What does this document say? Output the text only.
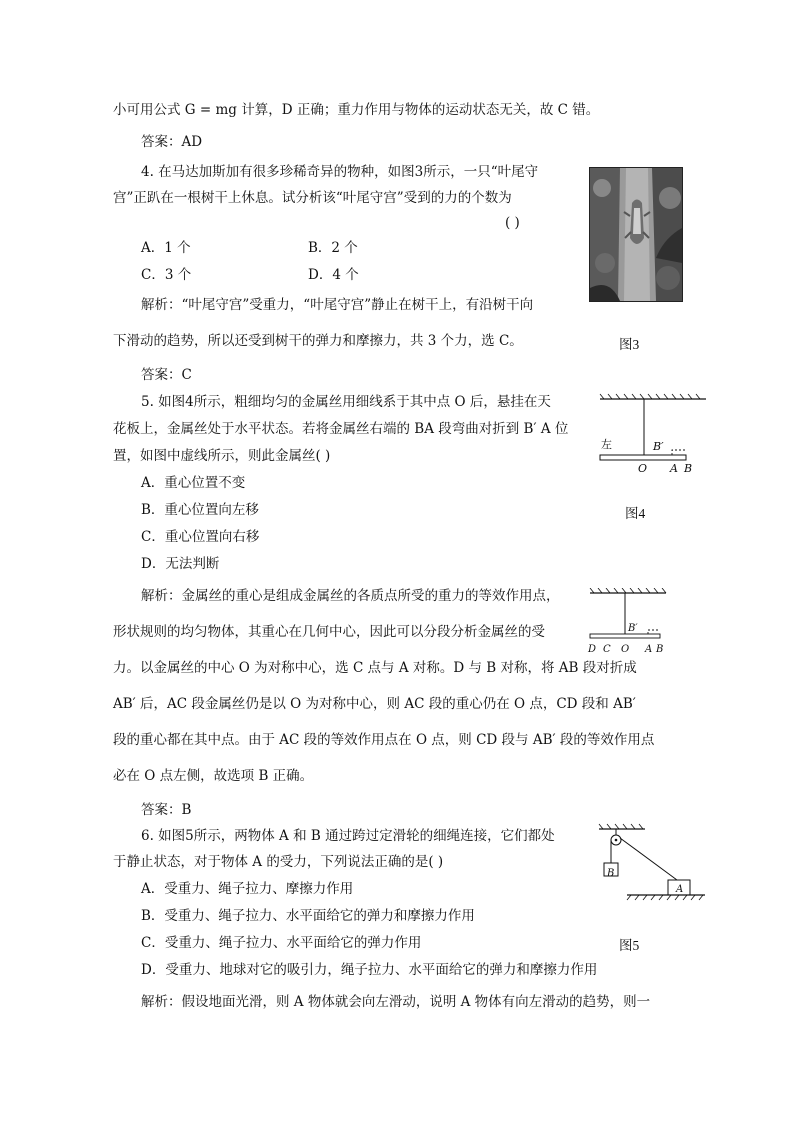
小可用公式 G = mg 计算，D 正确；重力作用与物体的运动状态无关，故 C 错。
答案：AD
4. 在马达加斯加有很多珍稀奇异的物种，如图3所示，一只“叶尾守
宫”正趴在一根树干上休息。试分析该“叶尾守宫”受到的力的个数为
( )
A．1 个	B．2 个
C．3 个	D．4 个
解析：“叶尾守宫”受重力，“叶尾守宫”静止在树干上，有沿树干向
下滑动的趋势，所以还受到树干的弹力和摩擦力，共 3 个力，选 C。
答案：C
5. 如图4所示，粗细均匀的金属丝用细线系于其中点 O 后，悬挂在天
花板上，金属丝处于水平状态。若将金属丝右端的 BA 段弯曲对折到 B′ A 位
置，如图中虚线所示，则此金属丝( )
A．重心位置不变
B．重心位置向左移
C．重心位置向右移
D．无法判断
解析：金属丝的重心是组成金属丝的各质点所受的重力的等效作用点，
形状规则的均匀物体，其重心在几何中心，因此可以分段分析金属丝的受
力。以金属丝的中心 O 为对称中心，选 C 点与 A 对称。D 与 B 对称，将 AB 段对折成
AB′ 后，AC 段金属丝仍是以 O 为对称中心，则 AC 段的重心仍在 O 点，CD 段和 AB′
段的重心都在其中点。由于 AC 段的等效作用点在 O 点，则 CD 段与 AB′ 段的等效作用点
必在 O 点左侧，故选项 B 正确。
答案：B
6. 如图5所示，两物体 A 和 B 通过跨过定滑轮的细绳连接，它们都处
于静止状态，对于物体 A 的受力，下列说法正确的是( )
A．受重力、绳子拉力、摩擦力作用
B．受重力、绳子拉力、水平面给它的弹力和摩擦力作用
C．受重力、绳子拉力、水平面给它的弹力作用
D．受重力、地球对它的吸引力，绳子拉力、水平面给它的弹力和摩擦力作用
解析：假设地面光滑，则 A 物体就会向左滑动，说明 A 物体有向左滑动的趋势，则一
图3
左	B′
O A B
图4
B′
D C O A B
B
A
图5
